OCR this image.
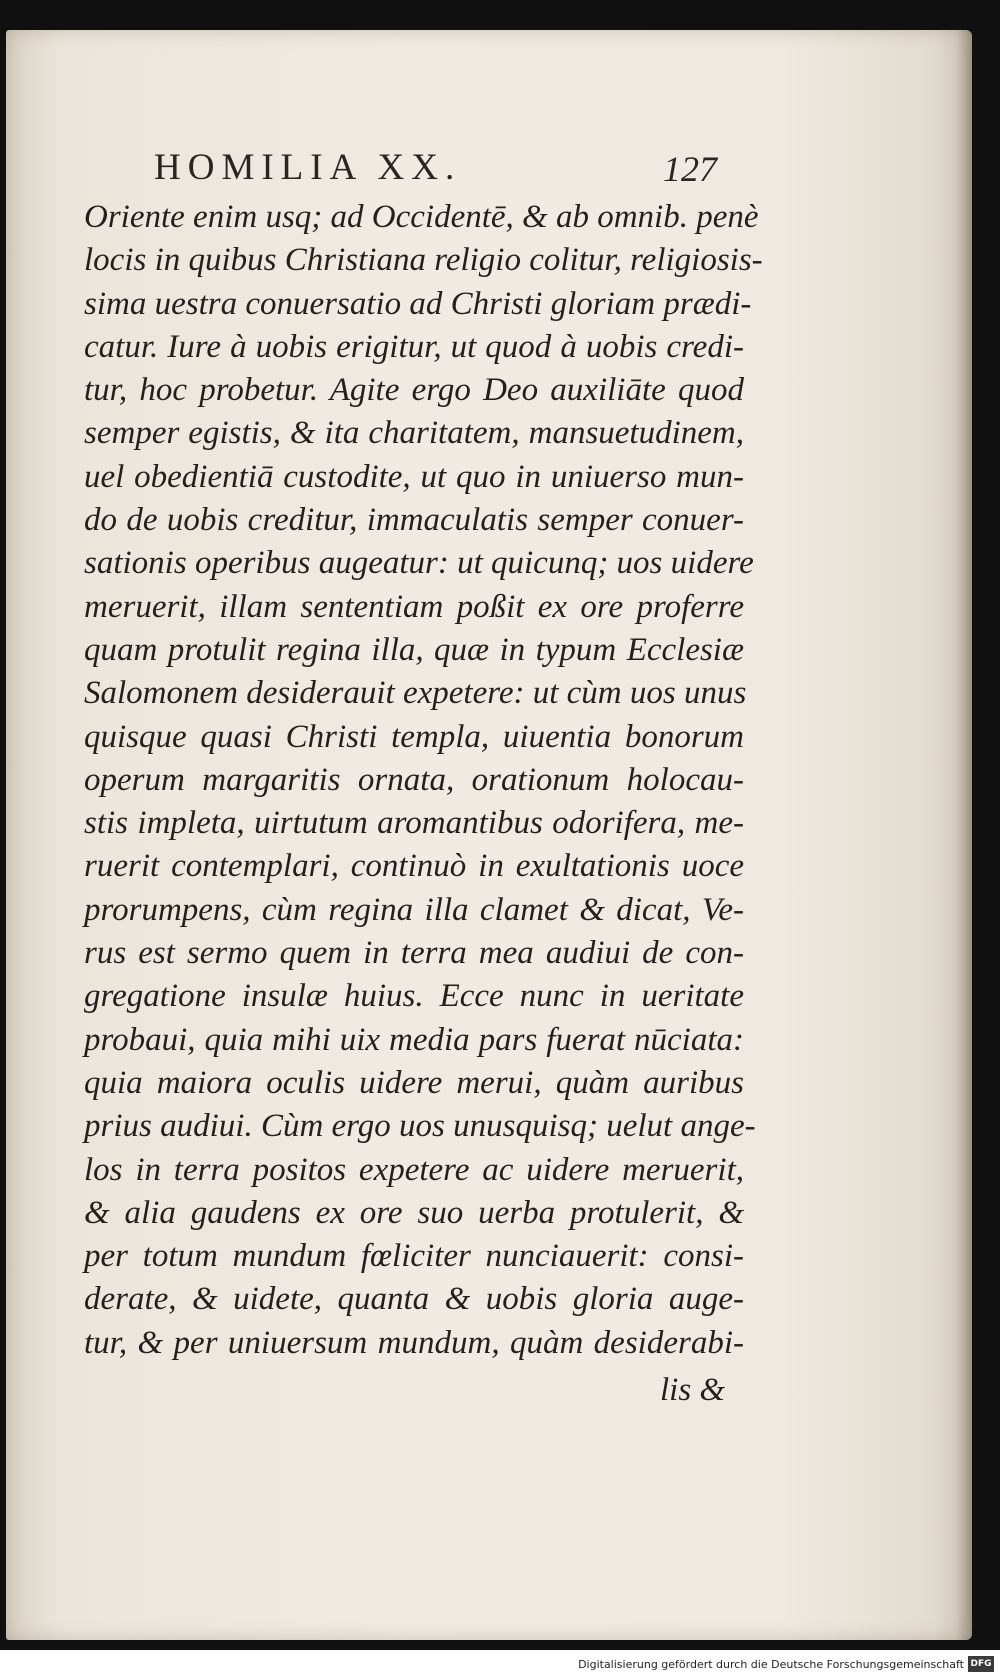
HOMILIA XX.	127
Oriente enim usq; ad Occidentē, & ab omnib. penè
locis in quibus Christiana religio colitur, religiosis-
sima uestra conuersatio ad Christi gloriam prædi-
catur. Iure à uobis erigitur, ut quod à uobis credi-
tur, hoc probetur. Agite ergo Deo auxiliāte quod
semper egistis, & ita charitatem, mansuetudinem,
uel obedientiā custodite, ut quo in uniuerso mun-
do de uobis creditur, immaculatis semper conuer-
sationis operibus augeatur: ut quicunq; uos uidere
meruerit, illam sententiam poßit ex ore proferre
quam protulit regina illa, quæ in typum Ecclesiæ
Salomonem desiderauit expetere: ut cùm uos unus
quisque quasi Christi templa, uiuentia bonorum
operum margaritis ornata, orationum holocau-
stis impleta, uirtutum aromantibus odorifera, me-
ruerit contemplari, continuò in exultationis uoce
prorumpens, cùm regina illa clamet & dicat, Ve-
rus est sermo quem in terra mea audiui de con-
gregatione insulæ huius. Ecce nunc in ueritate
probaui, quia mihi uix media pars fuerat nūciata:
quia maiora oculis uidere merui, quàm auribus
prius audiui. Cùm ergo uos unusquisq; uelut ange-
los in terra positos expetere ac uidere meruerit,
& alia gaudens ex ore suo uerba protulerit, &
per totum mundum fœliciter nunciauerit: consi-
derate, & uidete, quanta & uobis gloria auge-
tur, & per uniuersum mundum, quàm desiderabi-
lis &
Digitalisierung gefördert durch die Deutsche Forschungsgemeinschaft DFG
